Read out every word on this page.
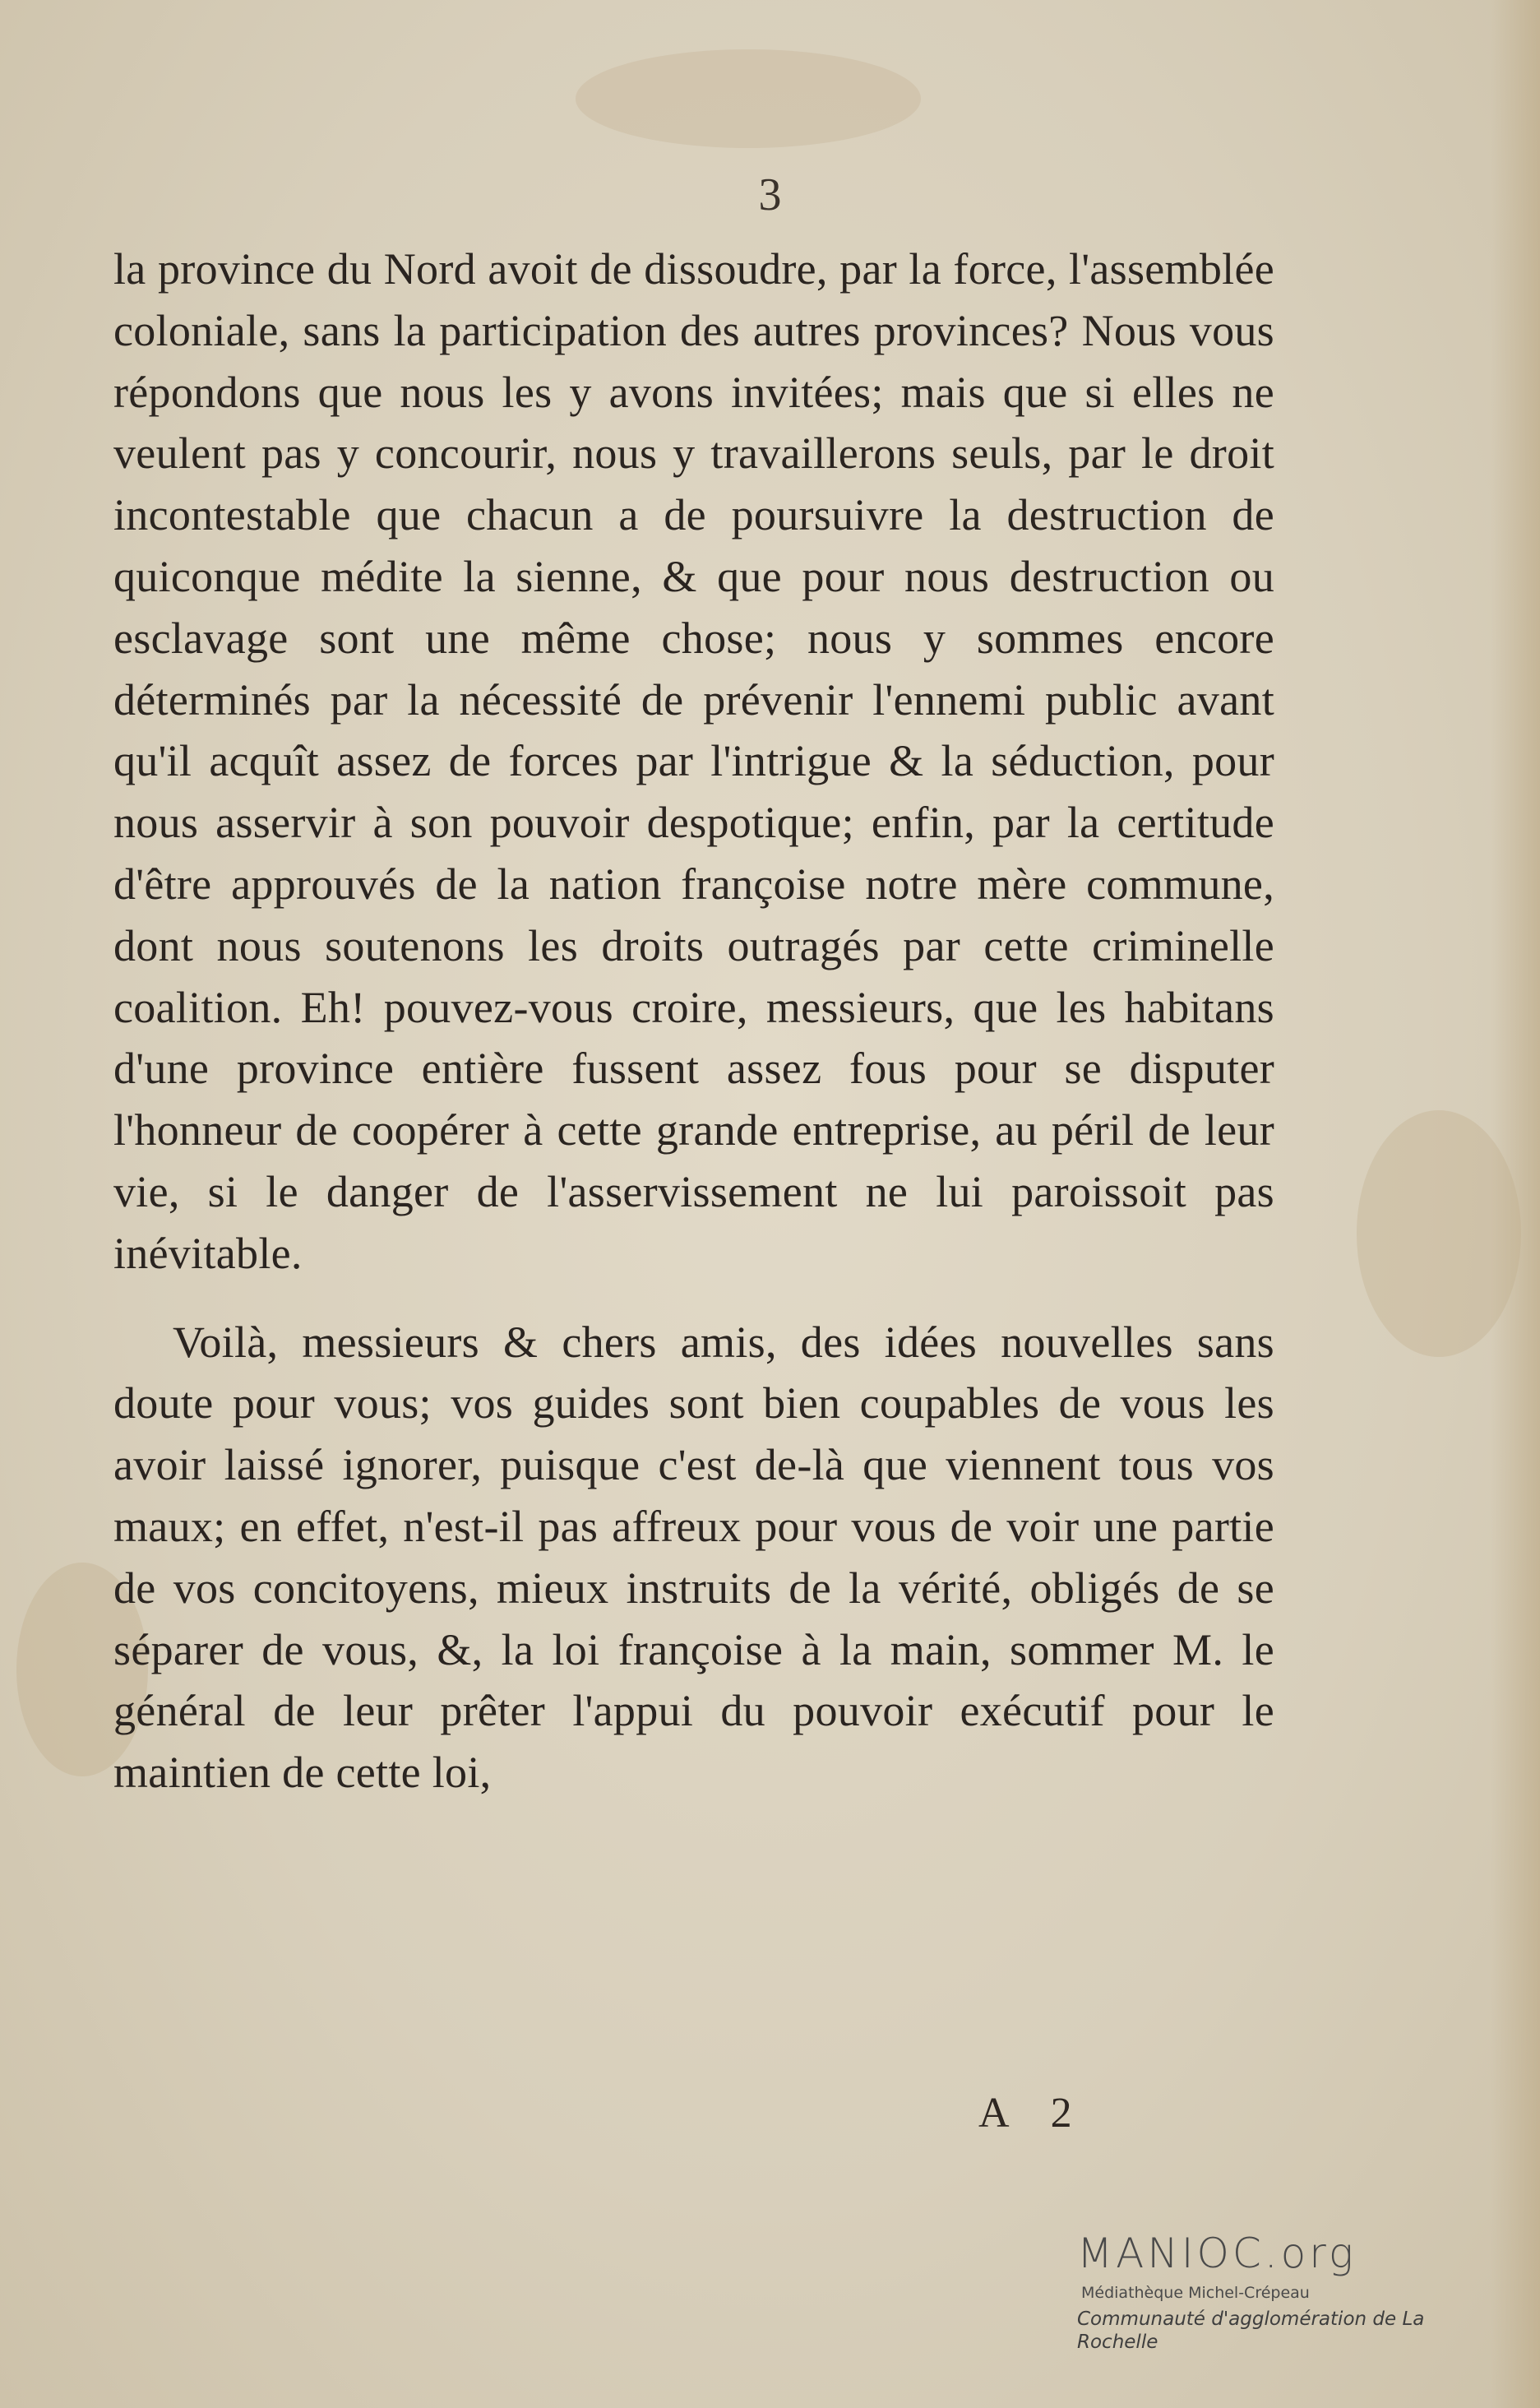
3

la province du Nord avoit de dissoudre, par la force, l'assemblée coloniale, sans la participation des autres provinces? Nous vous répondons que nous les y avons invitées; mais que si elles ne veulent pas y concourir, nous y travaillerons seuls, par le droit incontestable que chacun a de poursuivre la destruction de quiconque médite la sienne, & que pour nous destruction ou esclavage sont une même chose; nous y sommes encore déterminés par la nécessité de prévenir l'ennemi public avant qu'il acquît assez de forces par l'intrigue & la séduction, pour nous asservir à son pouvoir despotique; enfin, par la certitude d'être approuvés de la nation françoise notre mère commune, dont nous soutenons les droits outragés par cette criminelle coalition. Eh! pouvez-vous croire, messieurs, que les habitans d'une province entière fussent assez fous pour se disputer l'honneur de coopérer à cette grande entreprise, au péril de leur vie, si le danger de l'asservissement ne lui paroissoit pas inévitable.

Voilà, messieurs & chers amis, des idées nouvelles sans doute pour vous; vos guides sont bien coupables de vous les avoir laissé ignorer, puisque c'est de-là que viennent tous vos maux; en effet, n'est-il pas affreux pour vous de voir une partie de vos concitoyens, mieux instruits de la vérité, obligés de se séparer de vous, &, la loi françoise à la main, sommer M. le général de leur prêter l'appui du pouvoir exécutif pour le maintien de cette loi,

A 2
MANIOC.org
Médiathèque Michel-Crépeau
Communauté d'agglomération de La Rochelle
